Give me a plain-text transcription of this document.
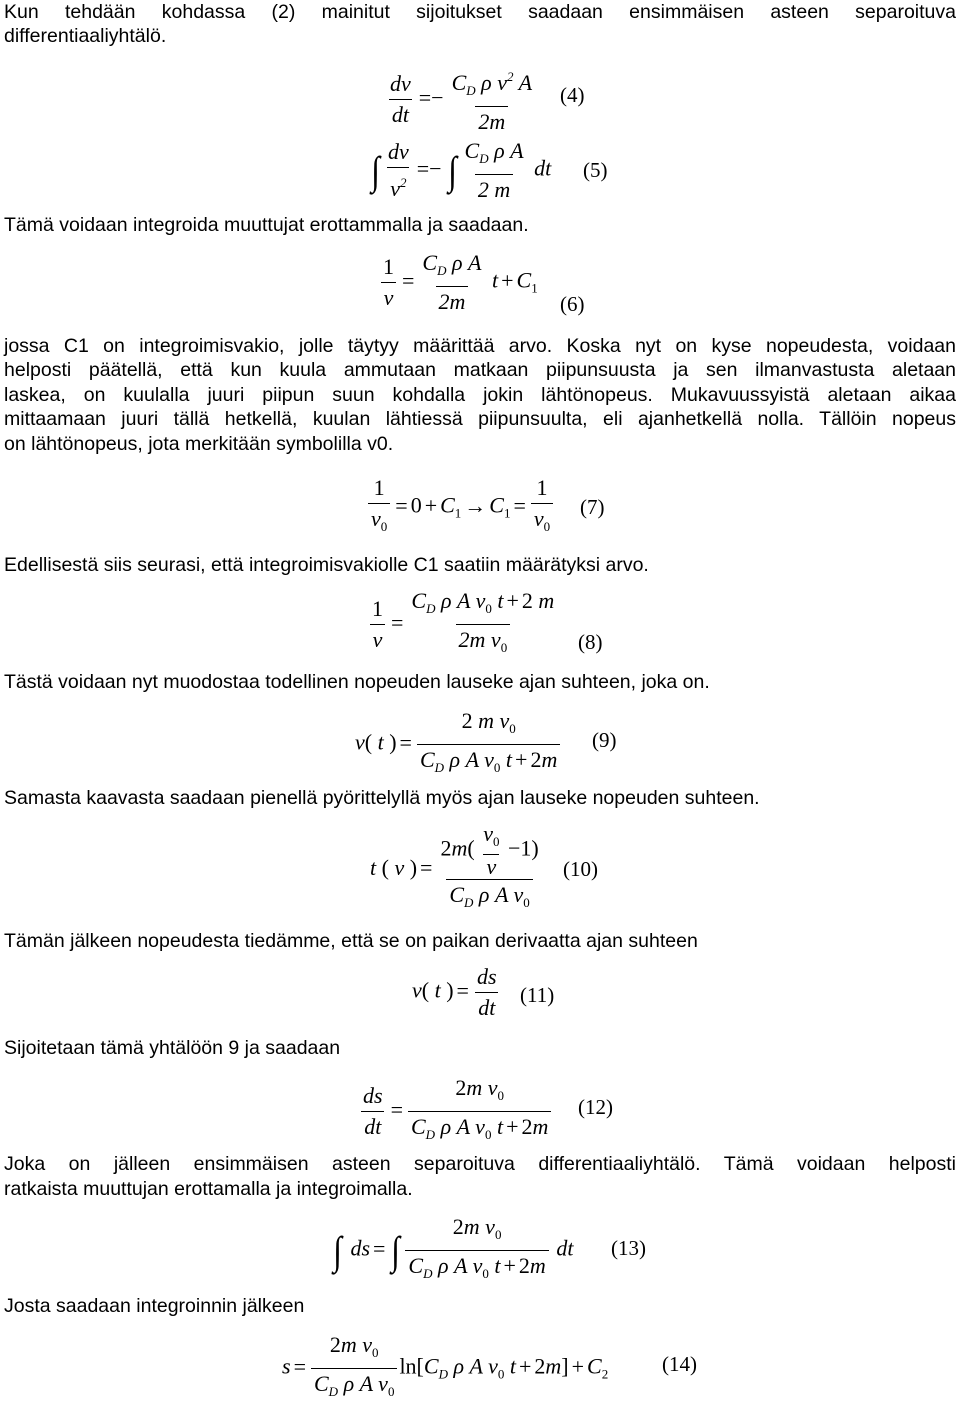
Kun tehdään kohdassa (2) mainitut sijoitukset saadaan ensimmäisen asteen separoituva

differentiaaliyhtälö.

$\frac{dv}{dt} =- \frac{C_D \rho v^2 A}{2m} (4)$
∫ $\frac{dv}{v^2}$ =− ∫ $\frac{C_D \rho A}{2 m}$ dt (5)

Tämä voidaan integroida muuttujat erottammalla ja saadaan.

$\frac{1}{v} = \frac{C_D \rho A}{2m}$ $t + C_1$
(6)

jossa C1 on integroimisvakio, jolle täytyy määrittää arvo. Koska nyt on kyse nopeudesta, voidaan

helposti päätellä, että kun kuula ammutaan matkaan piipunsuusta ja sen ilmanvastusta aletaan

laskea, on kuulalla juuri piipun suun kohdalla jokin lähtönopeus. Mukavuussyistä aletaan aikaa

mittaamaan juuri tällä hetkellä, kuulan lähtiessä piipunsuulta, eli ajanhetkellä nolla. Tällöin nopeus

on lähtönopeus, jota merkitään symbolilla v0.

$\frac{1}{v_0} = 0 + C_1 \to C_1 = \frac{1}{v_0} (7)$

Edellisestä siis seurasi, että integroimisvakiolle C1 saatiin määrätyksi arvo.

$\frac{1}{v} = \frac{C_D \rho A v_0 t + 2 m}{2m v_0} (8)$

Tästä voidaan nyt muodostaa todellinen nopeuden lauseke ajan suhteen, joka on.

v( t ) = $\frac{2 m v_0}{C_D \rho A v_0 t + 2m} (9)$

Samasta kaavasta saadaan pienellä pyörittelyllä myös ajan lauseke nopeuden suhteen.

t ( v ) = $\frac{2m( \frac{v_0}{v} -1)}{C_D \rho A v_0} (10)$

Tämän jälkeen nopeudesta tiedämme, että se on paikan derivaatta ajan suhteen

v( t ) = $\frac{ds}{dt} (11)$

Sijoitetaan tämä yhtälöön 9 ja saadaan

$\frac{ds}{dt} = \frac{2m v_0}{C_D \rho A v_0 t + 2m} (12)$

Joka on jälleen ensimmäisen asteen separoituva differentiaaliyhtälö. Tämä voidaan helposti

ratkaista muuttujan erottamalla ja integroimalla.

∫ ds = ∫ $\frac{2m v_0}{C_D \rho A v_0 t + 2m}$ dt (13)

Josta saadaan integroinnin jälkeen

$s = \frac{2m v_0}{C_D \rho A v_0} \ln[C_D$ ρ A $v_0$ $t + 2m] + C_2$	(14)
